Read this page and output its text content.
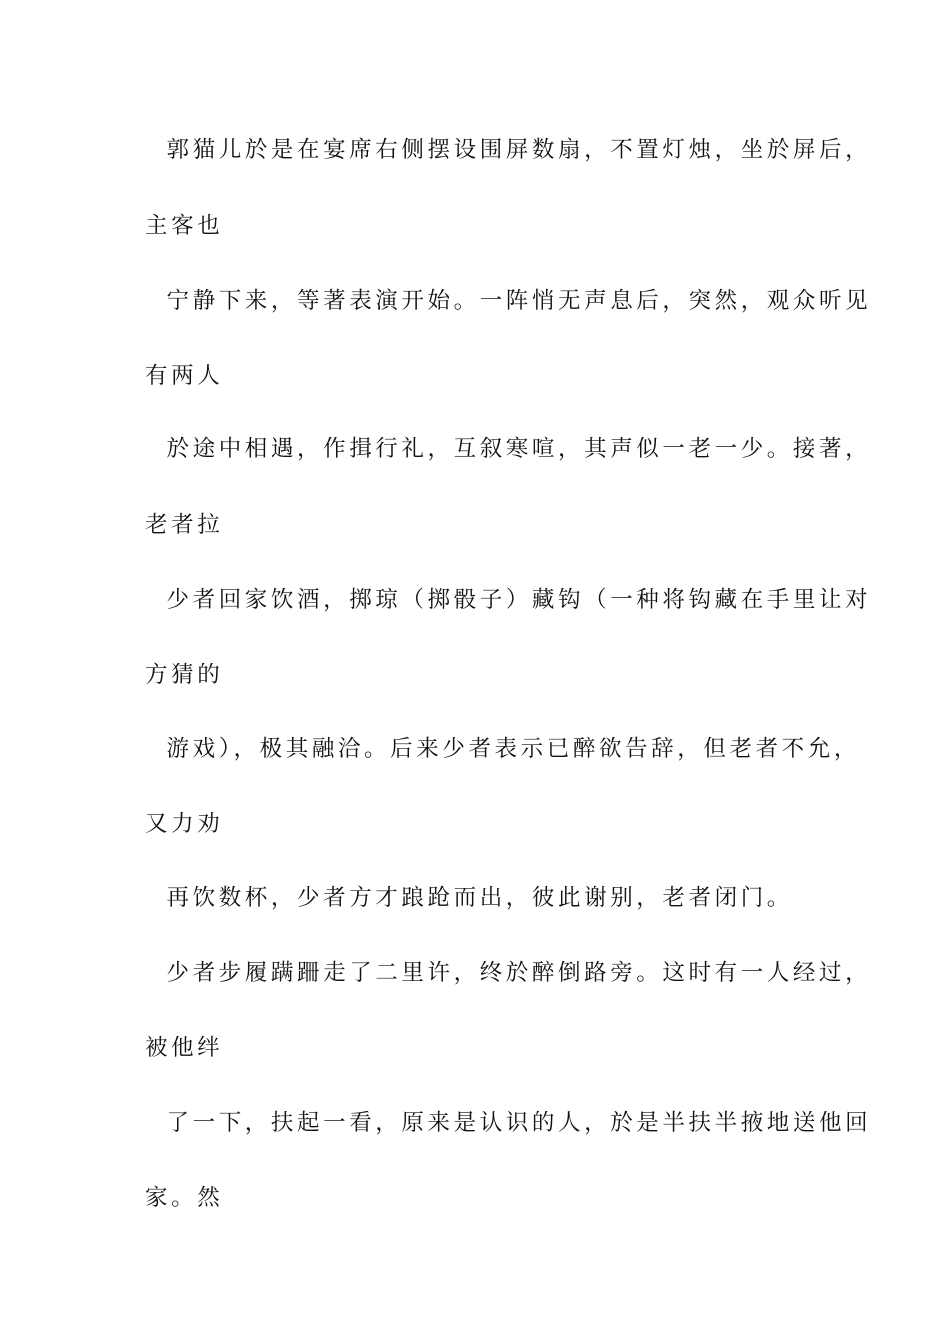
郭猫儿於是在宴席右侧摆设围屏数扇，不置灯烛，坐於屏后，
主客也
宁静下来，等著表演开始。一阵悄无声息后，突然，观众听见
有两人
於途中相遇，作揖行礼，互叙寒喧，其声似一老一少。接著，
老者拉
少者回家饮酒，掷琼（掷骰子）藏钩（一种将钩藏在手里让对
方猜的
游戏），极其融洽。后来少者表示已醉欲告辞，但老者不允，
又力劝
再饮数杯，少者方才踉跄而出，彼此谢别，老者闭门。
少者步履蹒跚走了二里许，终於醉倒路旁。这时有一人经过，
被他绊
了一下，扶起一看，原来是认识的人，於是半扶半掖地送他回
家。然
